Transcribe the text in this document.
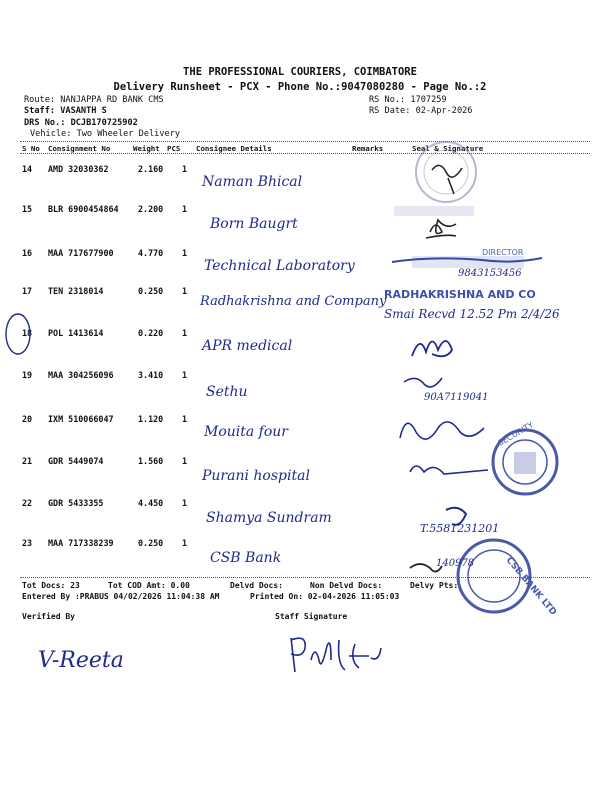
THE PROFESSIONAL COURIERS, COIMBATORE
Delivery Runsheet - PCX - Phone No.:9047080280 - Page No.:2
Route: NANJAPPA RD BANK CMS
Staff: VASANTH S
DRS No.: DCJB170725902
Vehicle: Two Wheeler Delivery
RS No.: 1707259
RS Date: 02-Apr-2026
S No Consignment No	Weight PCS Consignee Details	Remarks	Seal & Signature
14 AMD 32030362	2.160 1
Naman Bhical
15 BLR 6900454864 2.200 1
Born Baugrt
16 MAA 717677900	4.770 1
Technical Laboratory
17 TEN 2318014	0.250 1
Radhakrishna and Company
18 POL 1413614	0.220 1
APR medical
19 MAA 304256096	3.410 1
Sethu
20 IXM 510066047	1.120 1
Mouita four
21 GDR 5449074	1.560 1
Purani hospital
22 GDR 5433355	4.450 1
Shamya Sundram
23 MAA 717338239	0.250 1
CSB Bank
DIRECTOR
9843153456
RADHAKRISHNA AND CO
Smai Recvd 12.52 Pm 2/4/26
90A7119041
SECURITY
T.5581231201
CSB BANK LTD
140978
Tot Docs: 23	Tot COD Amt: 0.00	Delvd Docs:	Non Delvd Docs:	Delvy Pts:
Entered By :PRABUS 04/02/2026 11:04:38 AM	Printed On: 02-04-2026 11:05:03
Verified By	Staff Signature
V-Reeta
